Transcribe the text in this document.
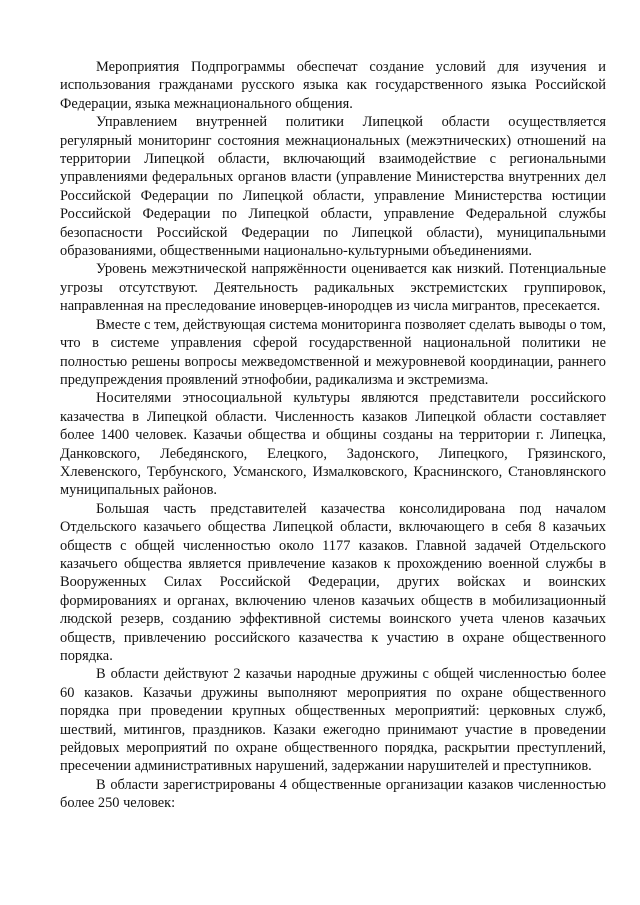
Мероприятия Подпрограммы обеспечат создание условий для изучения и использования гражданами русского языка как государственного языка Российской Федерации, языка межнационального общения.

Управлением внутренней политики Липецкой области осуществляется регулярный мониторинг состояния межнациональных (межэтнических) отношений на территории Липецкой области, включающий взаимодействие с региональными управлениями федеральных органов власти (управление Министерства внутренних дел Российской Федерации по Липецкой области, управление Министерства юстиции Российской Федерации по Липецкой области, управление Федеральной службы безопасности Российской Федерации по Липецкой области), муниципальными образованиями, общественными национально-культурными объединениями.

Уровень межэтнической напряжённости оценивается как низкий. Потенциальные угрозы отсутствуют. Деятельность радикальных экстремистских группировок, направленная на преследование иноверцев-инородцев из числа мигрантов, пресекается.

Вместе с тем, действующая система мониторинга позволяет сделать выводы о том, что в системе управления сферой государственной национальной политики не полностью решены вопросы межведомственной и межуровневой координации, раннего предупреждения проявлений этнофобии, радикализма и экстремизма.

Носителями этносоциальной культуры являются представители российского казачества в Липецкой области. Численность казаков Липецкой области составляет более 1400 человек. Казачьи общества и общины созданы на территории г. Липецка, Данковского, Лебедянского, Елецкого, Задонского, Липецкого, Грязинского, Хлевенского, Тербунского, Усманского, Измалковского, Краснинского, Становлянского муниципальных районов.

Большая часть представителей казачества консолидирована под началом Отдельского казачьего общества Липецкой области, включающего в себя 8 казачьих обществ с общей численностью около 1177 казаков. Главной задачей Отдельского казачьего общества является привлечение казаков к прохождению военной службы в Вооруженных Силах Российской Федерации, других войсках и воинских формированиях и органах, включению членов казачьих обществ в мобилизационный людской резерв, созданию эффективной системы воинского учета членов казачьих обществ, привлечению российского казачества к участию в охране общественного порядка.

В области действуют 2 казачьи народные дружины с общей численностью более 60 казаков. Казачьи дружины выполняют мероприятия по охране общественного порядка при проведении крупных общественных мероприятий: церковных служб, шествий, митингов, праздников. Казаки ежегодно принимают участие в проведении рейдовых мероприятий по охране общественного порядка, раскрытии преступлений, пресечении административных нарушений, задержании нарушителей и преступников.

В области зарегистрированы 4 общественные организации казаков численностью более 250 человек:
